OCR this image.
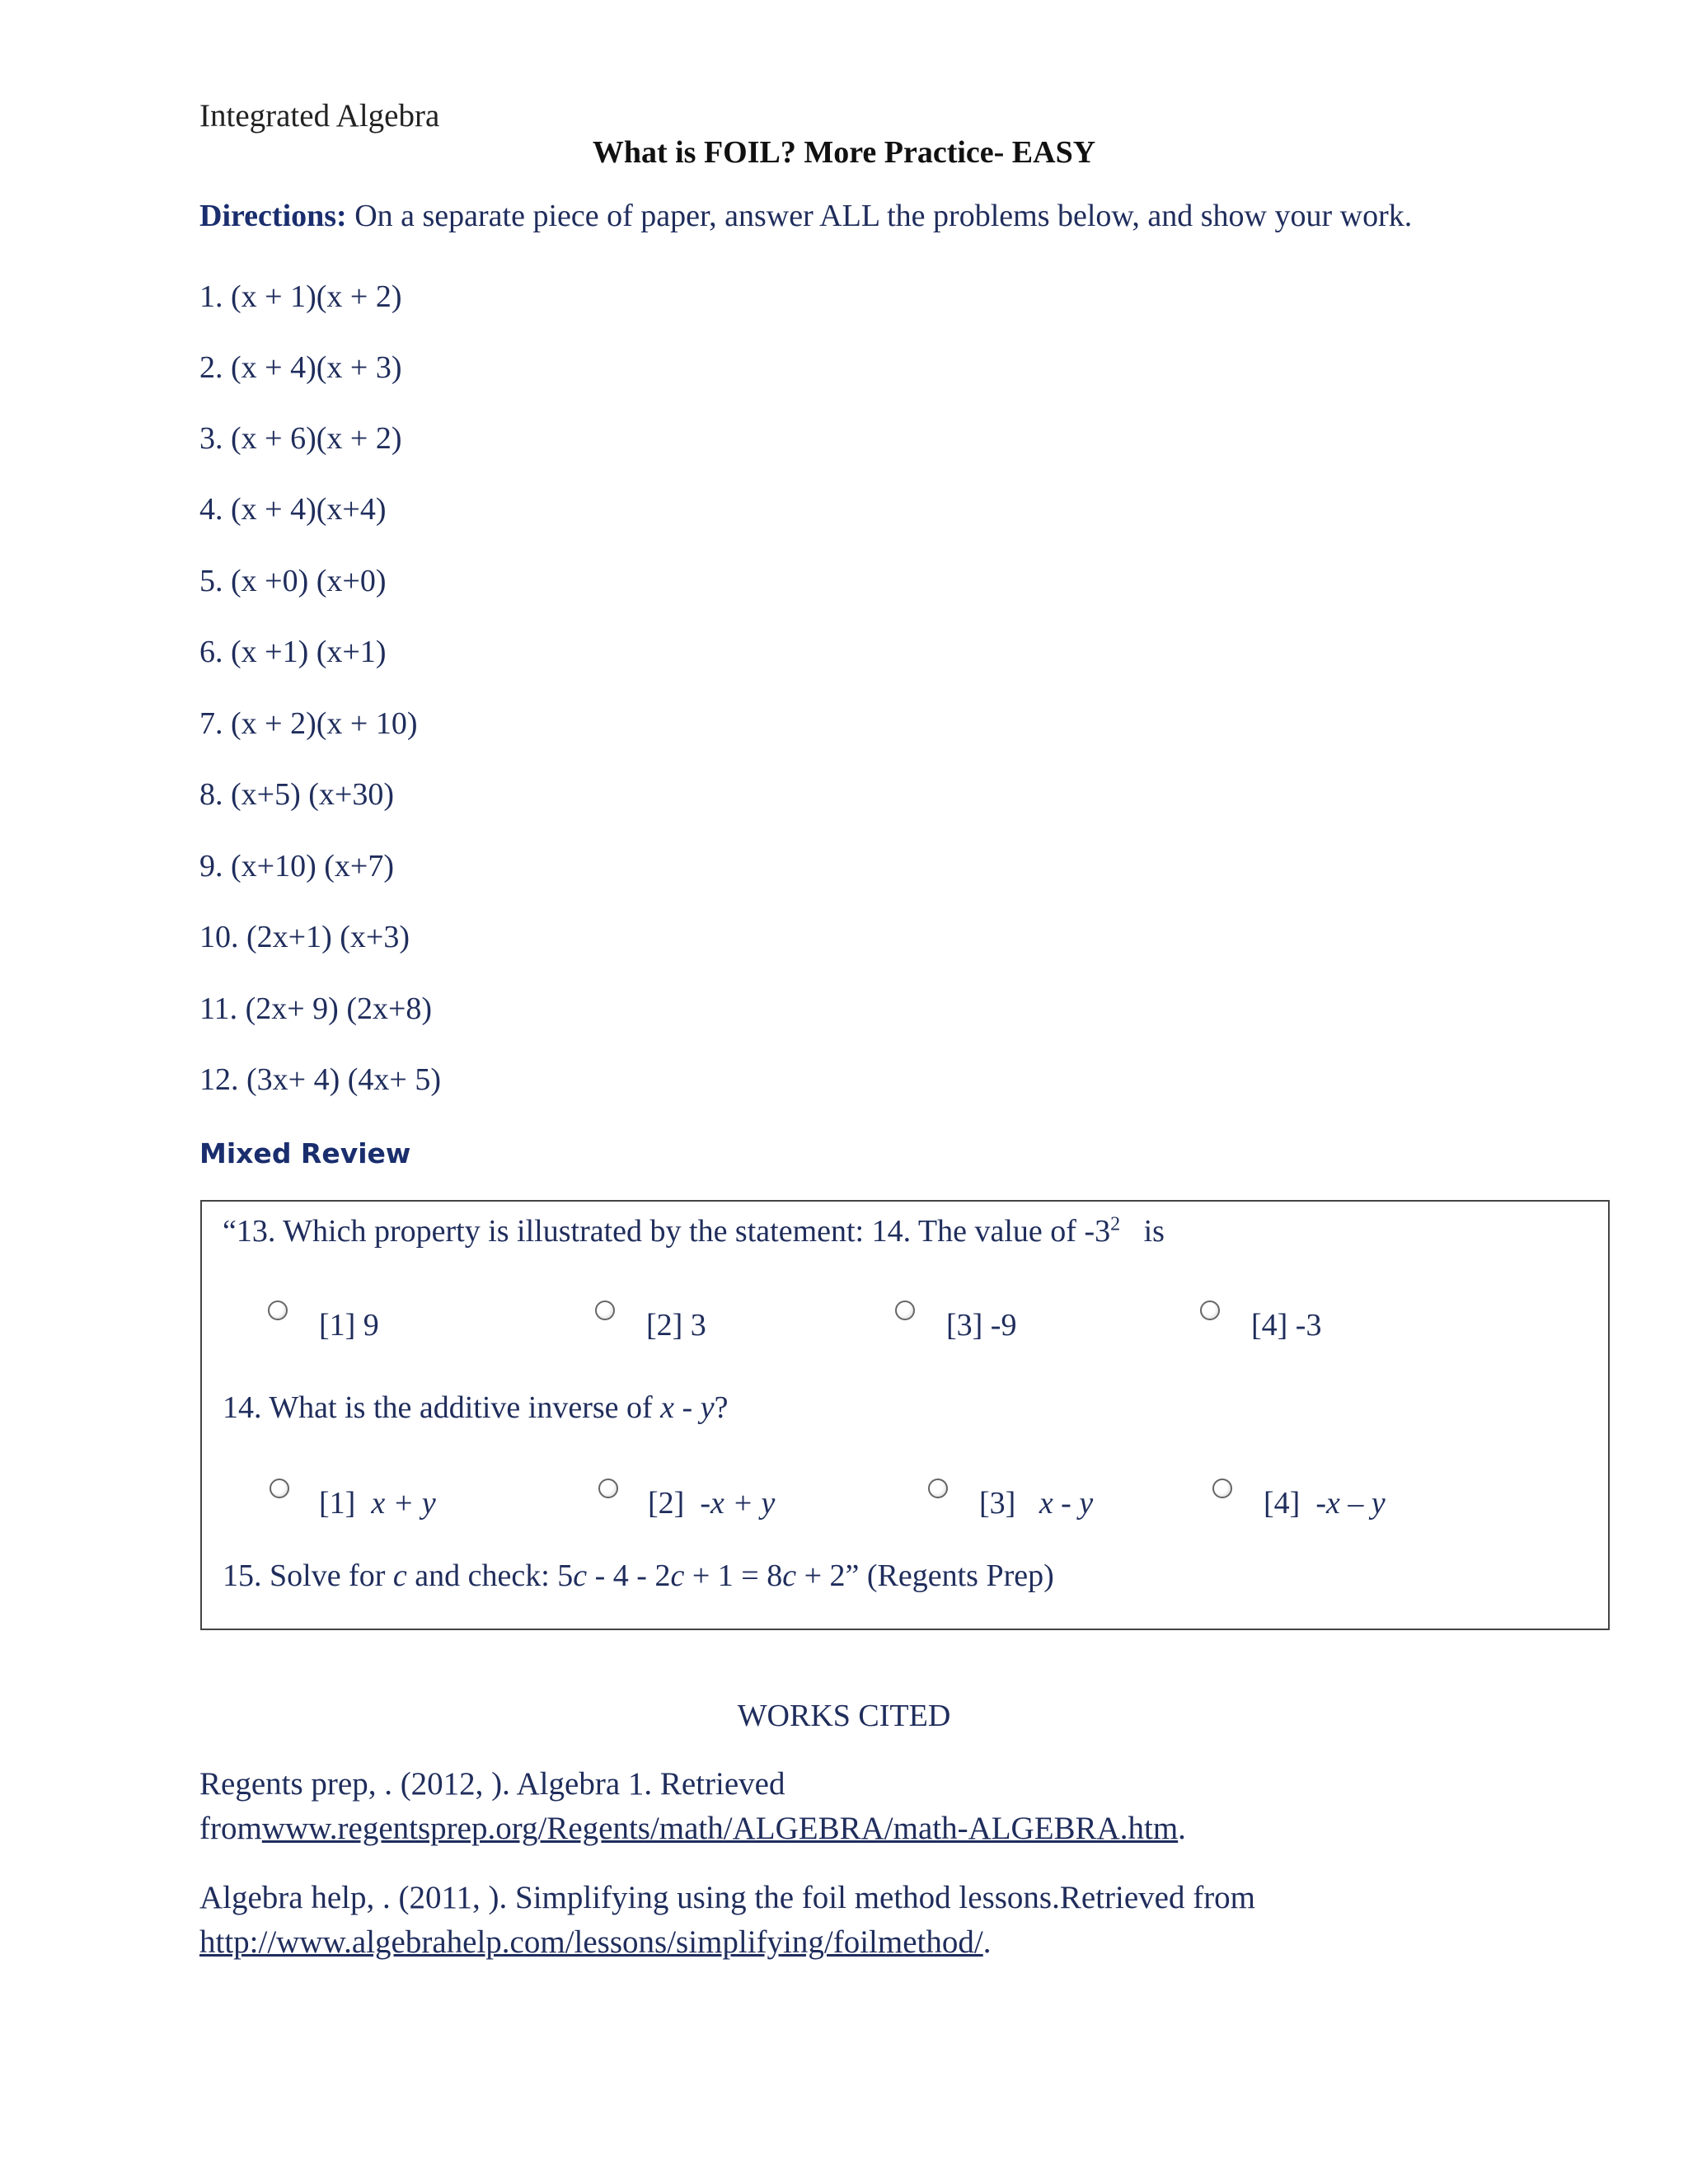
Integrated Algebra
What is FOIL? More Practice- EASY
Directions: On a separate piece of paper, answer ALL the problems below, and show your work.
1. (x + 1)(x + 2)
2. (x + 4)(x + 3)
3. (x + 6)(x + 2)
4. (x + 4)(x+4)
5. (x +0) (x+0)
6. (x +1) (x+1)
7. (x + 2)(x + 10)
8. (x+5) (x+30)
9. (x+10) (x+7)
10. (2x+1) (x+3)
11. (2x+ 9) (2x+8)
12. (3x+ 4) (4x+ 5)
Mixed Review
“13. Which property is illustrated by the statement: 14. The value of $-3^2$ is
[1] 9	[2] 3	[3] -9	[4] -3
14. What is the additive inverse of x - y?
[1] x + y	[2] -x + y	[3] x - y	[4] -x – y
15. Solve for c and check: 5c - 4 - 2c + 1 = 8c + 2” (Regents Prep)
WORKS CITED
Regents prep, . (2012, ). Algebra 1. Retrieved
fromwww.regentsprep.org/Regents/math/ALGEBRA/math-ALGEBRA.htm.
Algebra help, . (2011, ). Simplifying using the foil method lessons.Retrieved from
http://www.algebrahelp.com/lessons/simplifying/foilmethod/.
